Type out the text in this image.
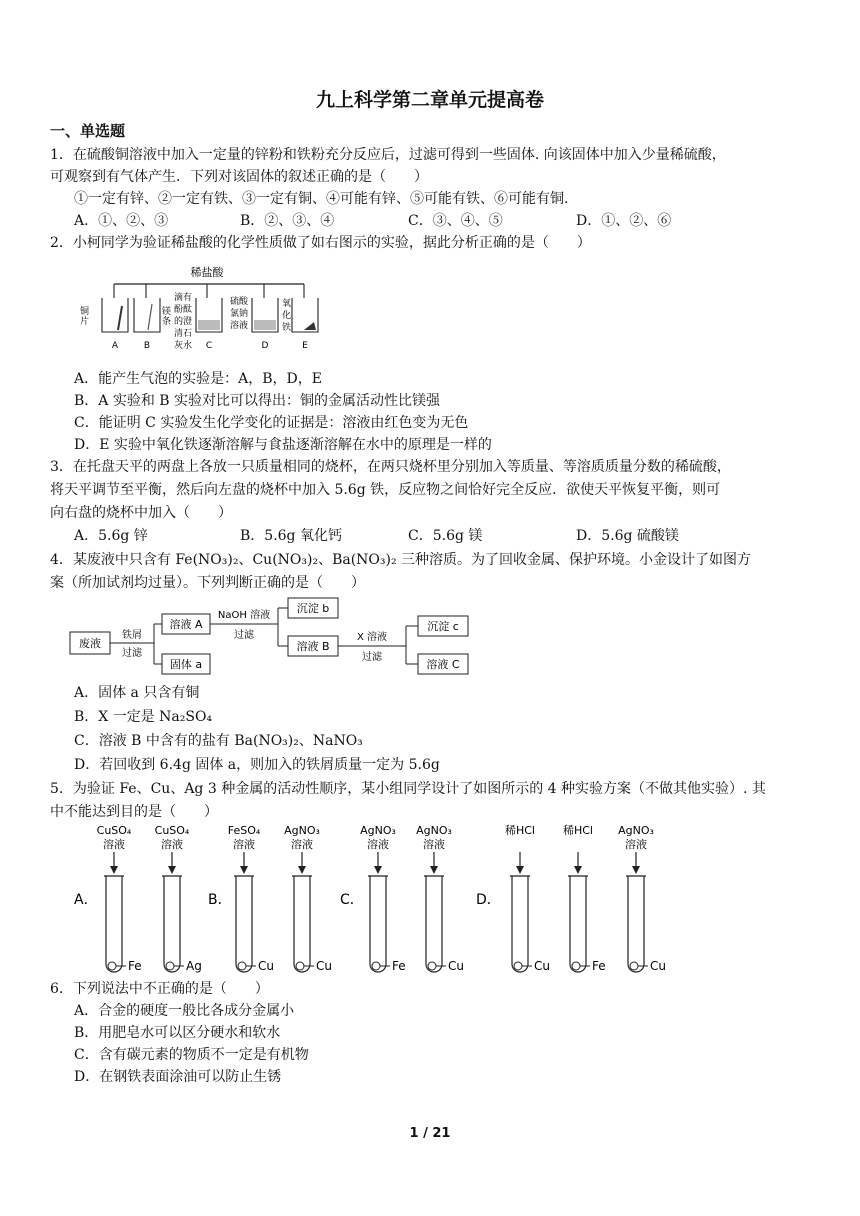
九上科学第二章单元提高卷
一、单选题
1．在硫酸铜溶液中加入一定量的锌粉和铁粉充分反应后，过滤可得到一些固体. 向该固体中加入少量稀硫酸，
可观察到有气体产生．下列对该固体的叙述正确的是（　　）
①一定有锌、②一定有铁、③一定有铜、④可能有锌、⑤可能有铁、⑥可能有铜.
A．①、②、③	B．②、③、④	C．③、④、⑤	D．①、②、⑥
2．小柯同学为验证稀盐酸的化学性质做了如右图示的实验，据此分析正确的是（　　）
稀盐酸
铜
片
镁
条
滴有
酚酞
的澄
清石
灰水
硫酸
氯钠
溶液
氧
化
铁
A	B	C	D	E
A．能产生气泡的实验是：A，B，D，E
B．A 实验和 B 实验对比可以得出：铜的金属活动性比镁强
C．能证明 C 实验发生化学变化的证据是：溶液由红色变为无色
D．E 实验中氧化铁逐渐溶解与食盐逐渐溶解在水中的原理是一样的
3．在托盘天平的两盘上各放一只质量相同的烧杯，在两只烧杯里分别加入等质量、等溶质质量分数的稀硫酸，
将天平调节至平衡，然后向左盘的烧杯中加入 5.6g 铁，反应物之间恰好完全反应．欲使天平恢复平衡，则可
向右盘的烧杯中加入（　　）
A．5.6g 锌	B．5.6g 氧化钙	C．5.6g 镁	D．5.6g 硫酸镁
4．某废液中只含有 Fe(NO₃)₂、Cu(NO₃)₂、Ba(NO₃)₂ 三种溶质。为了回收金属、保护环境。小金设计了如图方
案（所加试剂均过量）。下列判断正确的是（　　）
废液
溶液 A
固体 a
沉淀 b
溶液 B
沉淀 c
溶液 C
铁屑
过滤
NaOH 溶液
过滤	X 溶液
过滤
A．固体 a 只含有铜
B．X 一定是 Na₂SO₄
C．溶液 B 中含有的盐有 Ba(NO₃)₂、NaNO₃
D．若回收到 6.4g 固体 a，则加入的铁屑质量一定为 5.6g
5．为验证 Fe、Cu、Ag 3 种金属的活动性顺序，某小组同学设计了如图所示的 4 种实验方案（不做其他实验）. 其
中不能达到目的是（　　）
A．
CuSO₄
溶液
Fe
CuSO₄
溶液
Ag
B．
FeSO₄
溶液
Cu
AgNO₃
溶液
Cu
C．
AgNO₃
溶液
Fe
AgNO₃
溶液
Cu
D．
稀HCl
Cu
稀HCl
Fe
AgNO₃
溶液
Cu
6．下列说法中不正确的是（　　）
A．合金的硬度一般比各成分金属小
B．用肥皂水可以区分硬水和软水
C．含有碳元素的物质不一定是有机物
D．在钢铁表面涂油可以防止生锈
1 / 21
